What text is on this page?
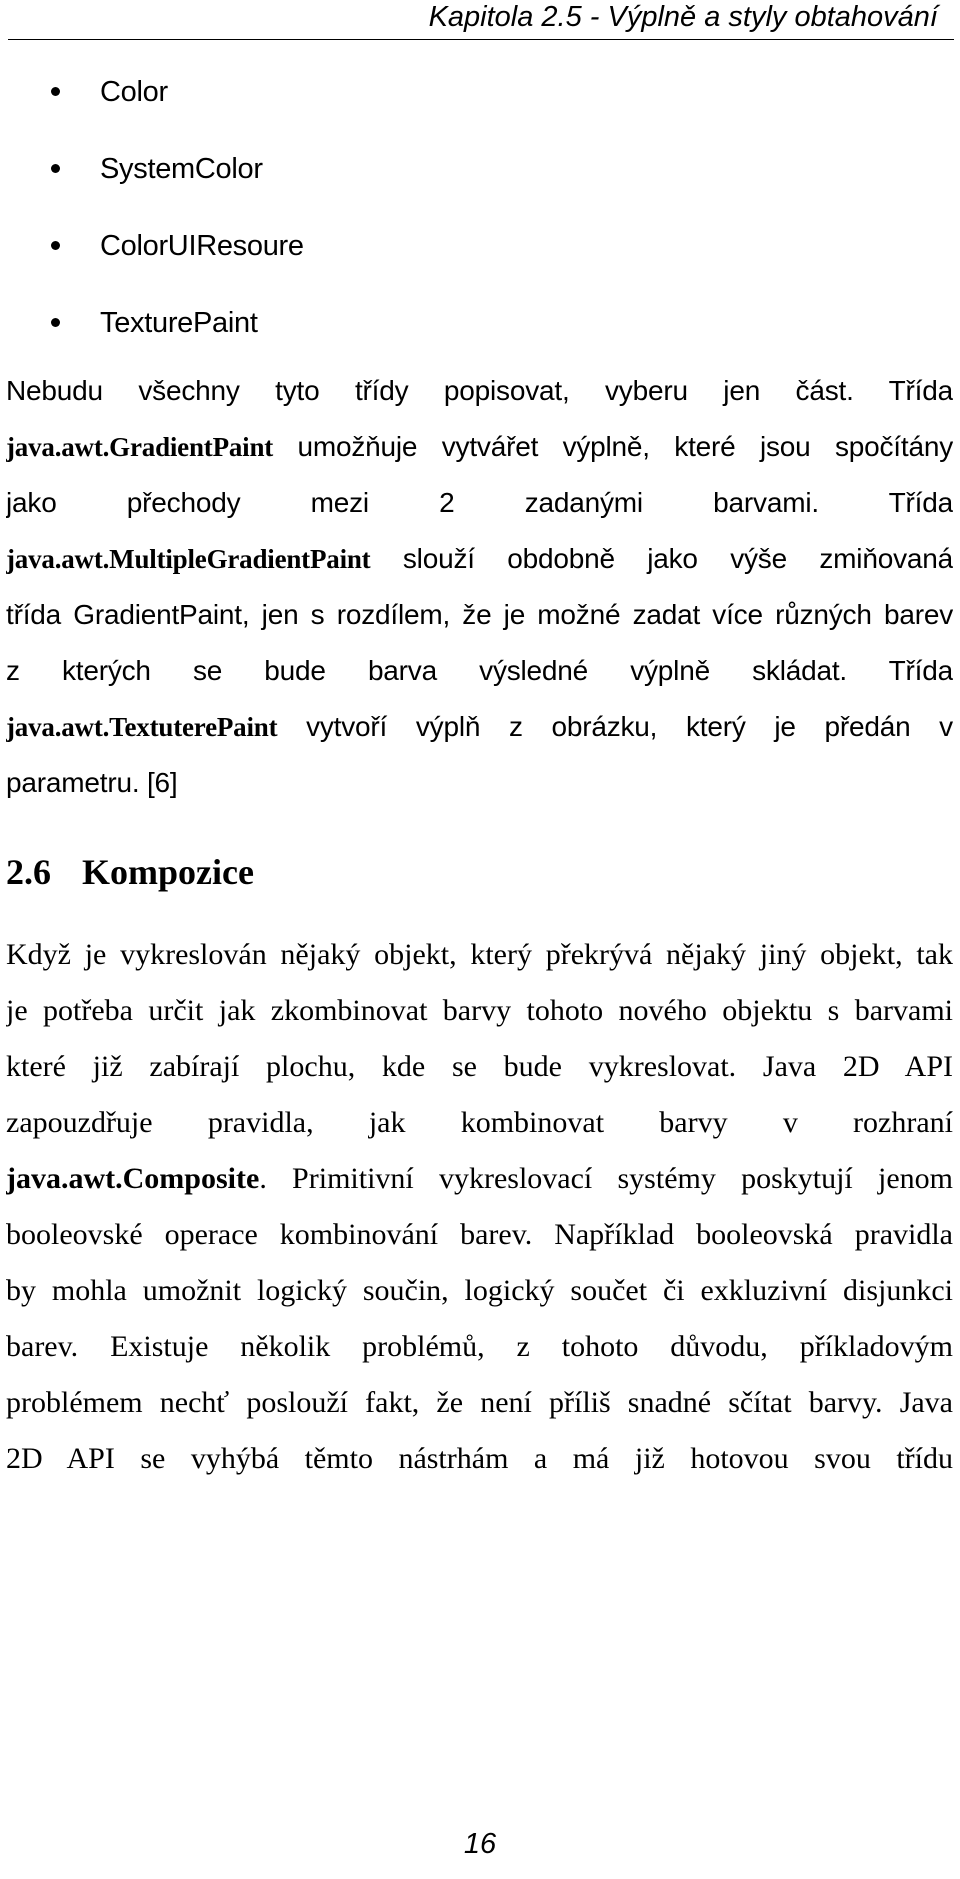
Kapitola 2.5 - Výplně a styly obtahování
Color
SystemColor
ColorUIResoure
TexturePaint
Nebudu všechny tyto třídy popisovat, vyberu jen část. Třída
java.awt.GradientPaint umožňuje vytvářet výplně, které jsou spočítány
jako přechody mezi 2 zadanými barvami. Třída
java.awt.MultipleGradientPaint slouží obdobně jako výše zmiňovaná
třída GradientPaint, jen s rozdílem, že je možné zadat více různých barev
z kterých se bude barva výsledné výplně skládat. Třída
java.awt.TextuterePaint vytvoří výplň z obrázku, který je předán v
parametru. [6]
2.6 Kompozice
Když je vykreslován nějaký objekt, který překrývá nějaký jiný objekt, tak
je potřeba určit jak zkombinovat barvy tohoto nového objektu s barvami
které již zabírají plochu, kde se bude vykreslovat. Java 2D API
zapouzdřuje pravidla, jak kombinovat barvy v rozhraní
java.awt.Composite. Primitivní vykreslovací systémy poskytují jenom
booleovské operace kombinování barev. Například booleovská pravidla
by mohla umožnit logický součin, logický součet či exkluzivní disjunkci
barev. Existuje několik problémů, z tohoto důvodu, příkladovým
problémem nechť poslouží fakt, že není příliš snadné sčítat barvy. Java
2D API se vyhýbá těmto nástrhám a má již hotovou svou třídu
16
